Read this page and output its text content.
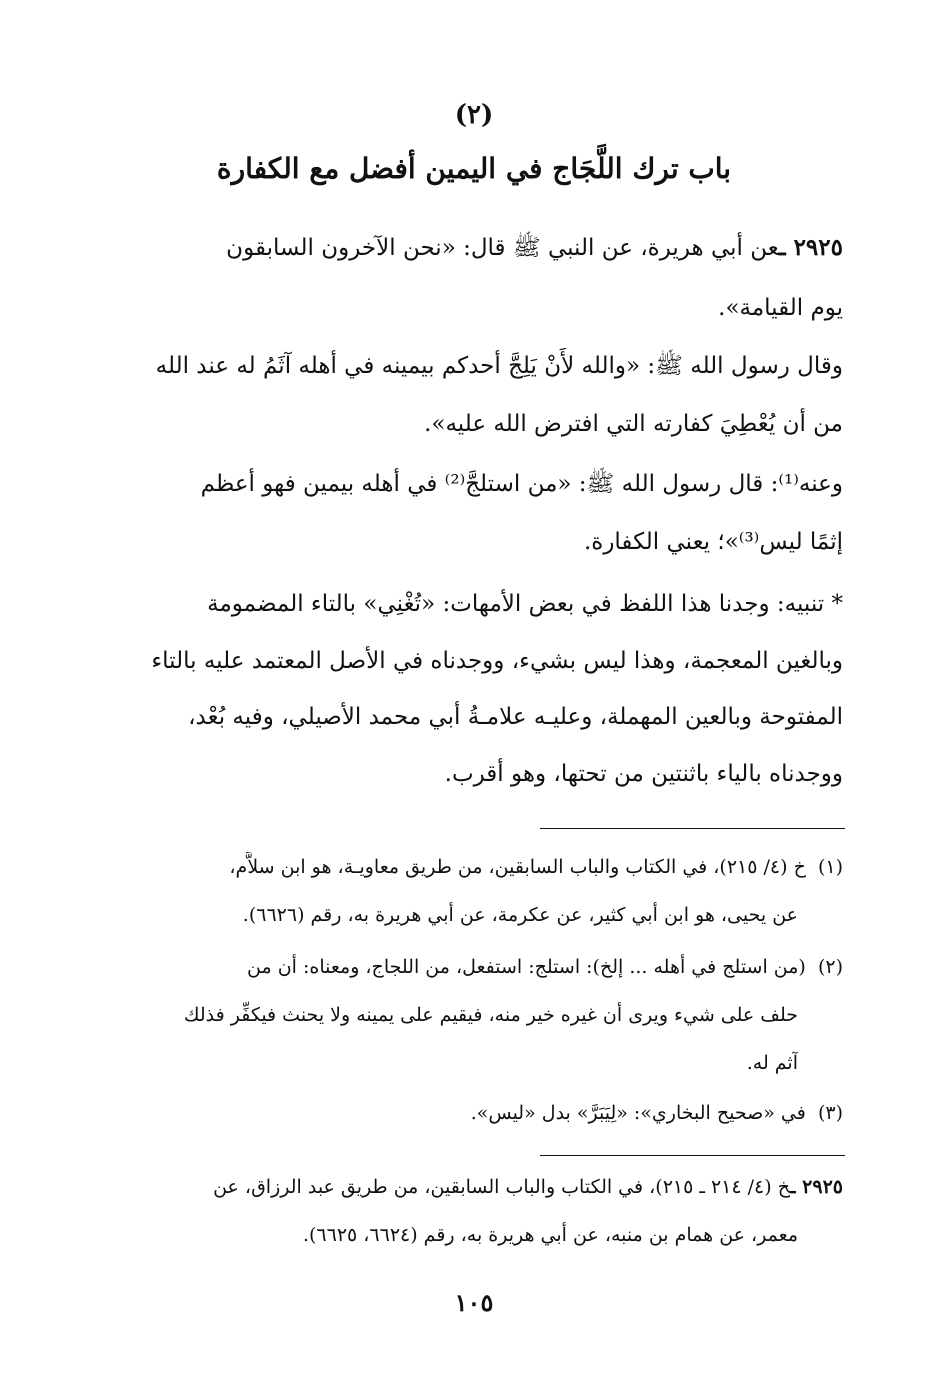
(٢)
باب ترك اللَّجَاج في اليمين أفضل مع الكفارة
٢٩٢٥ ـعن أبي هريرة، عن النبي ﷺ قال: «نحن الآخرون السابقون
يوم القيامة».
وقال رسول الله ﷺ: «والله لأَنْ يَلِجَّ أحدكم بيمينه في أهله آثَمُ له عند الله
من أن يُعْطِيَ كفارته التي افترض الله عليه».
وعنه⁽¹⁾: قال رسول الله ﷺ: «من استلجَّ⁽²⁾ في أهله بيمين فهو أعظم
إثمًا ليس⁽³⁾»؛ يعني الكفارة.
* تنبيه: وجدنا هذا اللفظ في بعض الأمهات: «تُغْنِي» بالتاء المضمومة
وبالغين المعجمة، وهذا ليس بشيء، ووجدناه في الأصل المعتمد عليه بالتاء
المفتوحة وبالعين المهملة، وعليـه علامـةُ أبي محمد الأصيلي، وفيه بُعْد،
ووجدناه بالياء باثنتين من تحتها، وهو أقرب.
(١)  خ (٤/ ٢١٥)، في الكتاب والباب السابقين، من طريق معاويـة، هو ابن سلاَّم،
عن يحيى، هو ابن أبي كثير، عن عكرمة، عن أبي هريرة به، رقم (٦٦٢٦).
(٢)  (من استلج في أهله ... إلخ): استلج: استفعل، من اللجاج، ومعناه: أن من
حلف على شيء ويرى أن غيره خير منه، فيقيم على يمينه ولا يحنث فيكفِّر فذلك
آثم له.
(٣)  في «صحيح البخاري»: «لِيَبَرَّ» بدل «ليس».
٢٩٢٥ ـخ (٤/ ٢١٤ ـ ٢١٥)، في الكتاب والباب السابقين، من طريق عبد الرزاق، عن
معمر، عن همام بن منبه، عن أبي هريرة به، رقم (٦٦٢٤، ٦٦٢٥).
١٠٥
